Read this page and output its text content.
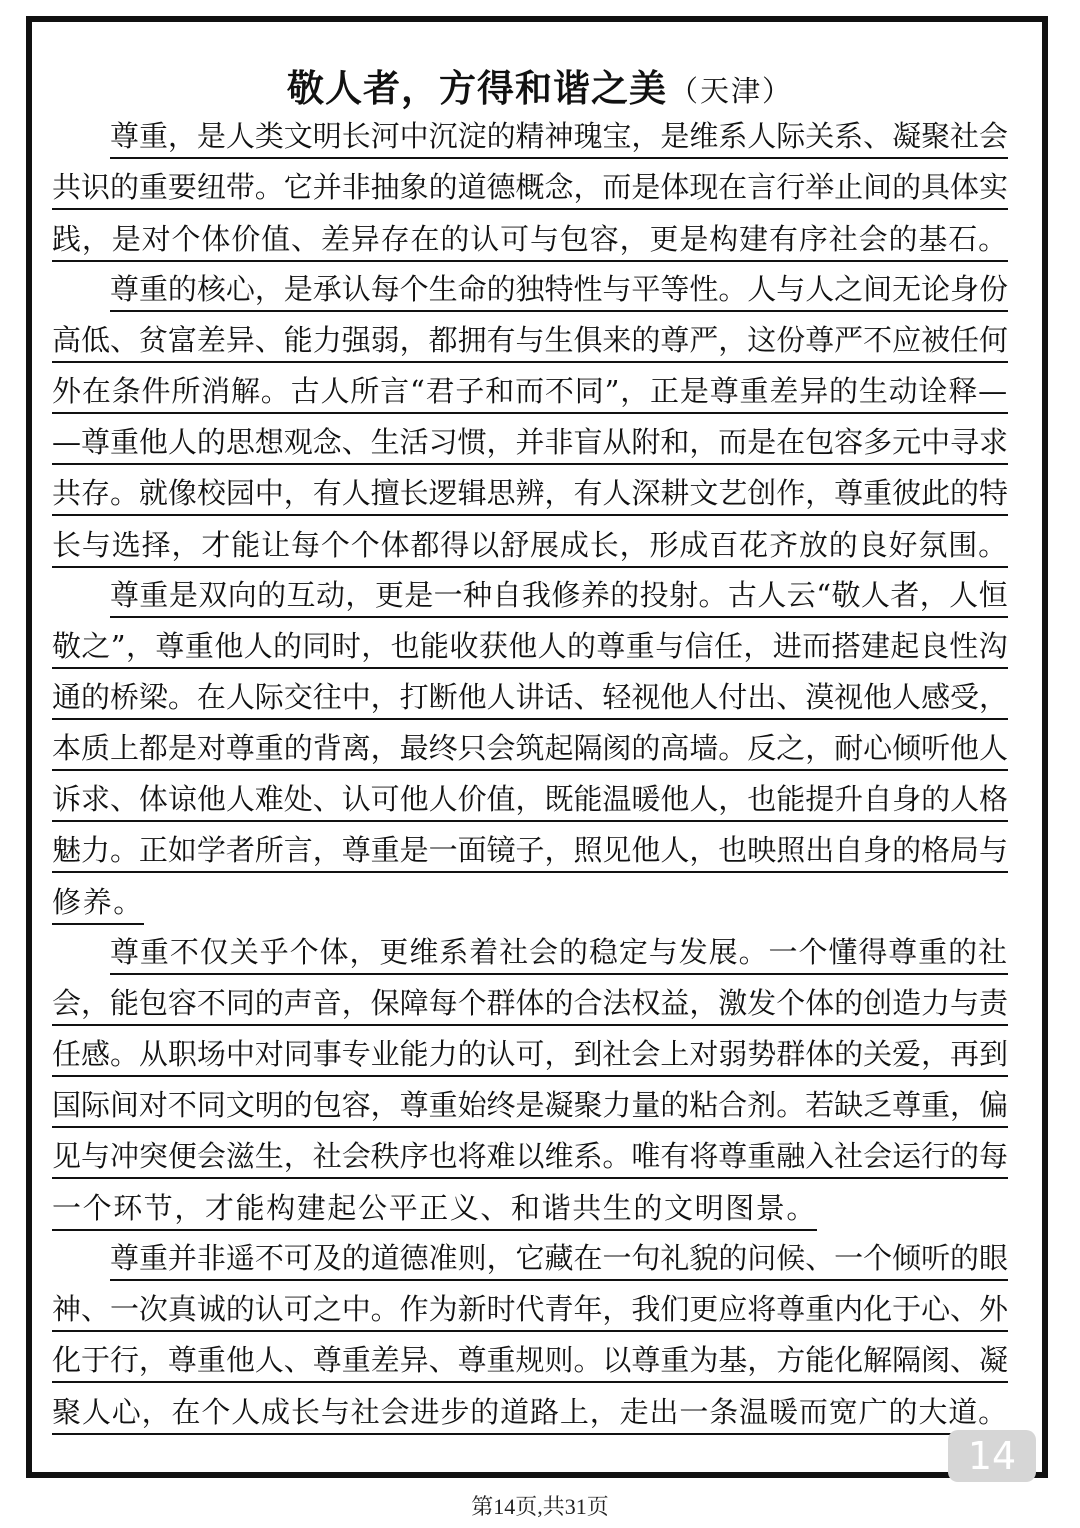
敬人者，方得和谐之美（天津）
尊重，是人类文明长河中沉淀的精神瑰宝，是维系人际关系、凝聚社会
共识的重要纽带。它并非抽象的道德概念，而是体现在言行举止间的具体实
践，是对个体价值、差异存在的认可与包容，更是构建有序社会的基石。
尊重的核心，是承认每个生命的独特性与平等性。人与人之间无论身份
高低、贫富差异、能力强弱，都拥有与生俱来的尊严，这份尊严不应被任何
外在条件所消解。古人所言“君子和而不同”，正是尊重差异的生动诠释—
—尊重他人的思想观念、生活习惯，并非盲从附和，而是在包容多元中寻求
共存。就像校园中，有人擅长逻辑思辨，有人深耕文艺创作，尊重彼此的特
长与选择，才能让每个个体都得以舒展成长，形成百花齐放的良好氛围。
尊重是双向的互动，更是一种自我修养的投射。古人云“敬人者，人恒
敬之”，尊重他人的同时，也能收获他人的尊重与信任，进而搭建起良性沟
通的桥梁。在人际交往中，打断他人讲话、轻视他人付出、漠视他人感受，
本质上都是对尊重的背离，最终只会筑起隔阂的高墙。反之，耐心倾听他人
诉求、体谅他人难处、认可他人价值，既能温暖他人，也能提升自身的人格
魅力。正如学者所言，尊重是一面镜子，照见他人，也映照出自身的格局与
修养。
尊重不仅关乎个体，更维系着社会的稳定与发展。一个懂得尊重的社
会，能包容不同的声音，保障每个群体的合法权益，激发个体的创造力与责
任感。从职场中对同事专业能力的认可，到社会上对弱势群体的关爱，再到
国际间对不同文明的包容，尊重始终是凝聚力量的粘合剂。若缺乏尊重，偏
见与冲突便会滋生，社会秩序也将难以维系。唯有将尊重融入社会运行的每
一个环节，才能构建起公平正义、和谐共生的文明图景。
尊重并非遥不可及的道德准则，它藏在一句礼貌的问候、一个倾听的眼
神、一次真诚的认可之中。作为新时代青年，我们更应将尊重内化于心、外
化于行，尊重他人、尊重差异、尊重规则。以尊重为基，方能化解隔阂、凝
聚人心，在个人成长与社会进步的道路上，走出一条温暖而宽广的大道。
14
第14页,共31页
